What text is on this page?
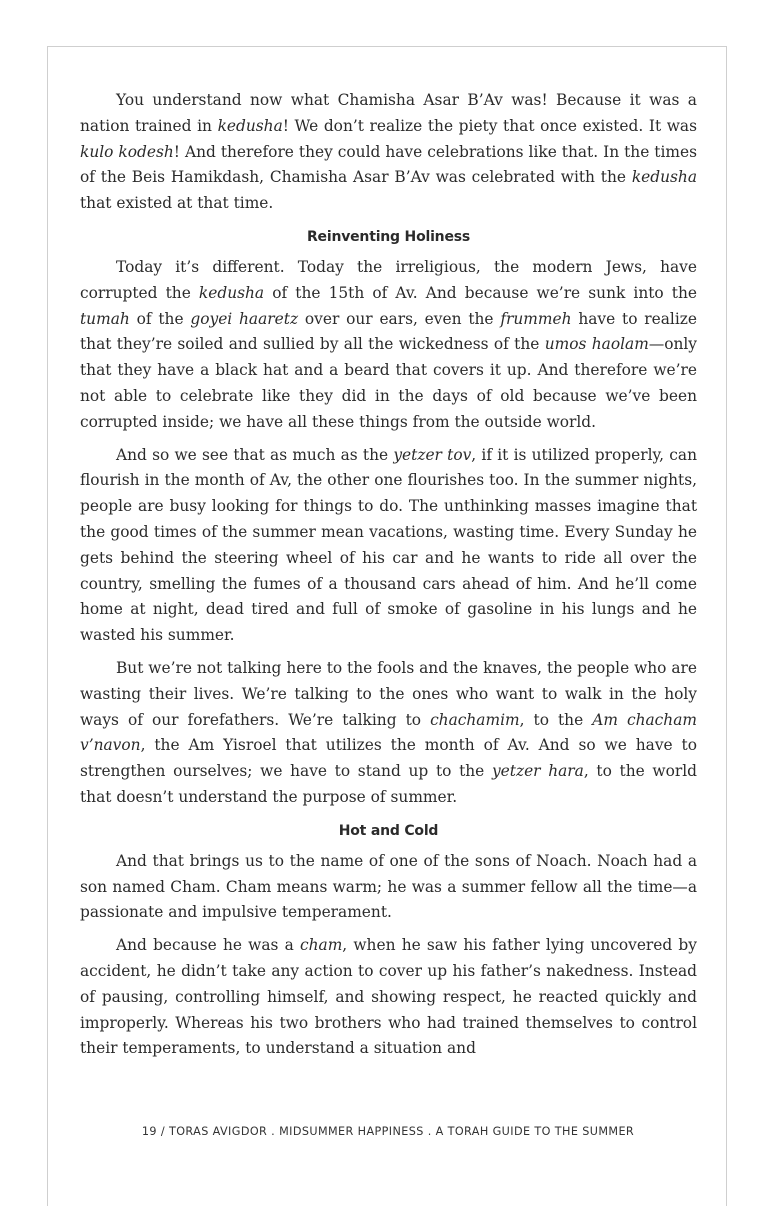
You understand now what Chamisha Asar B’Av was! Because it was a nation trained in kedusha! We don’t realize the piety that once existed. It was kulo kodesh! And therefore they could have celebrations like that. In the times of the Beis Hamikdash, Chamisha Asar B’Av was celebrated with the kedusha that existed at that time.

Reinventing Holiness

Today it’s different. Today the irreligious, the modern Jews, have corrupted the kedusha of the 15th of Av. And because we’re sunk into the tumah of the goyei haaretz over our ears, even the frummeh have to realize that they’re soiled and sullied by all the wickedness of the umos haolam—only that they have a black hat and a beard that covers it up. And therefore we’re not able to celebrate like they did in the days of old because we’ve been corrupted inside; we have all these things from the outside world.

And so we see that as much as the yetzer tov, if it is utilized properly, can flourish in the month of Av, the other one flourishes too. In the summer nights, people are busy looking for things to do. The unthinking masses imagine that the good times of the summer mean vacations, wasting time. Every Sunday he gets behind the steering wheel of his car and he wants to ride all over the country, smelling the fumes of a thousand cars ahead of him. And he’ll come home at night, dead tired and full of smoke of gasoline in his lungs and he wasted his summer.

But we’re not talking here to the fools and the knaves, the people who are wasting their lives. We’re talking to the ones who want to walk in the holy ways of our forefathers. We’re talking to chachamim, to the Am chacham v’navon, the Am Yisroel that utilizes the month of Av. And so we have to strengthen ourselves; we have to stand up to the yetzer hara, to the world that doesn’t understand the purpose of summer.

Hot and Cold

And that brings us to the name of one of the sons of Noach. Noach had a son named Cham. Cham means warm; he was a summer fellow all the time—a passionate and impulsive temperament.

And because he was a cham, when he saw his father lying uncovered by accident, he didn’t take any action to cover up his father’s nakedness. Instead of pausing, controlling himself, and showing respect, he reacted quickly and improperly. Whereas his two brothers who had trained themselves to control their temperaments, to understand a situation and

19 / TORAS AVIGDOR . MIDSUMMER HAPPINESS . A TORAH GUIDE TO THE SUMMER
